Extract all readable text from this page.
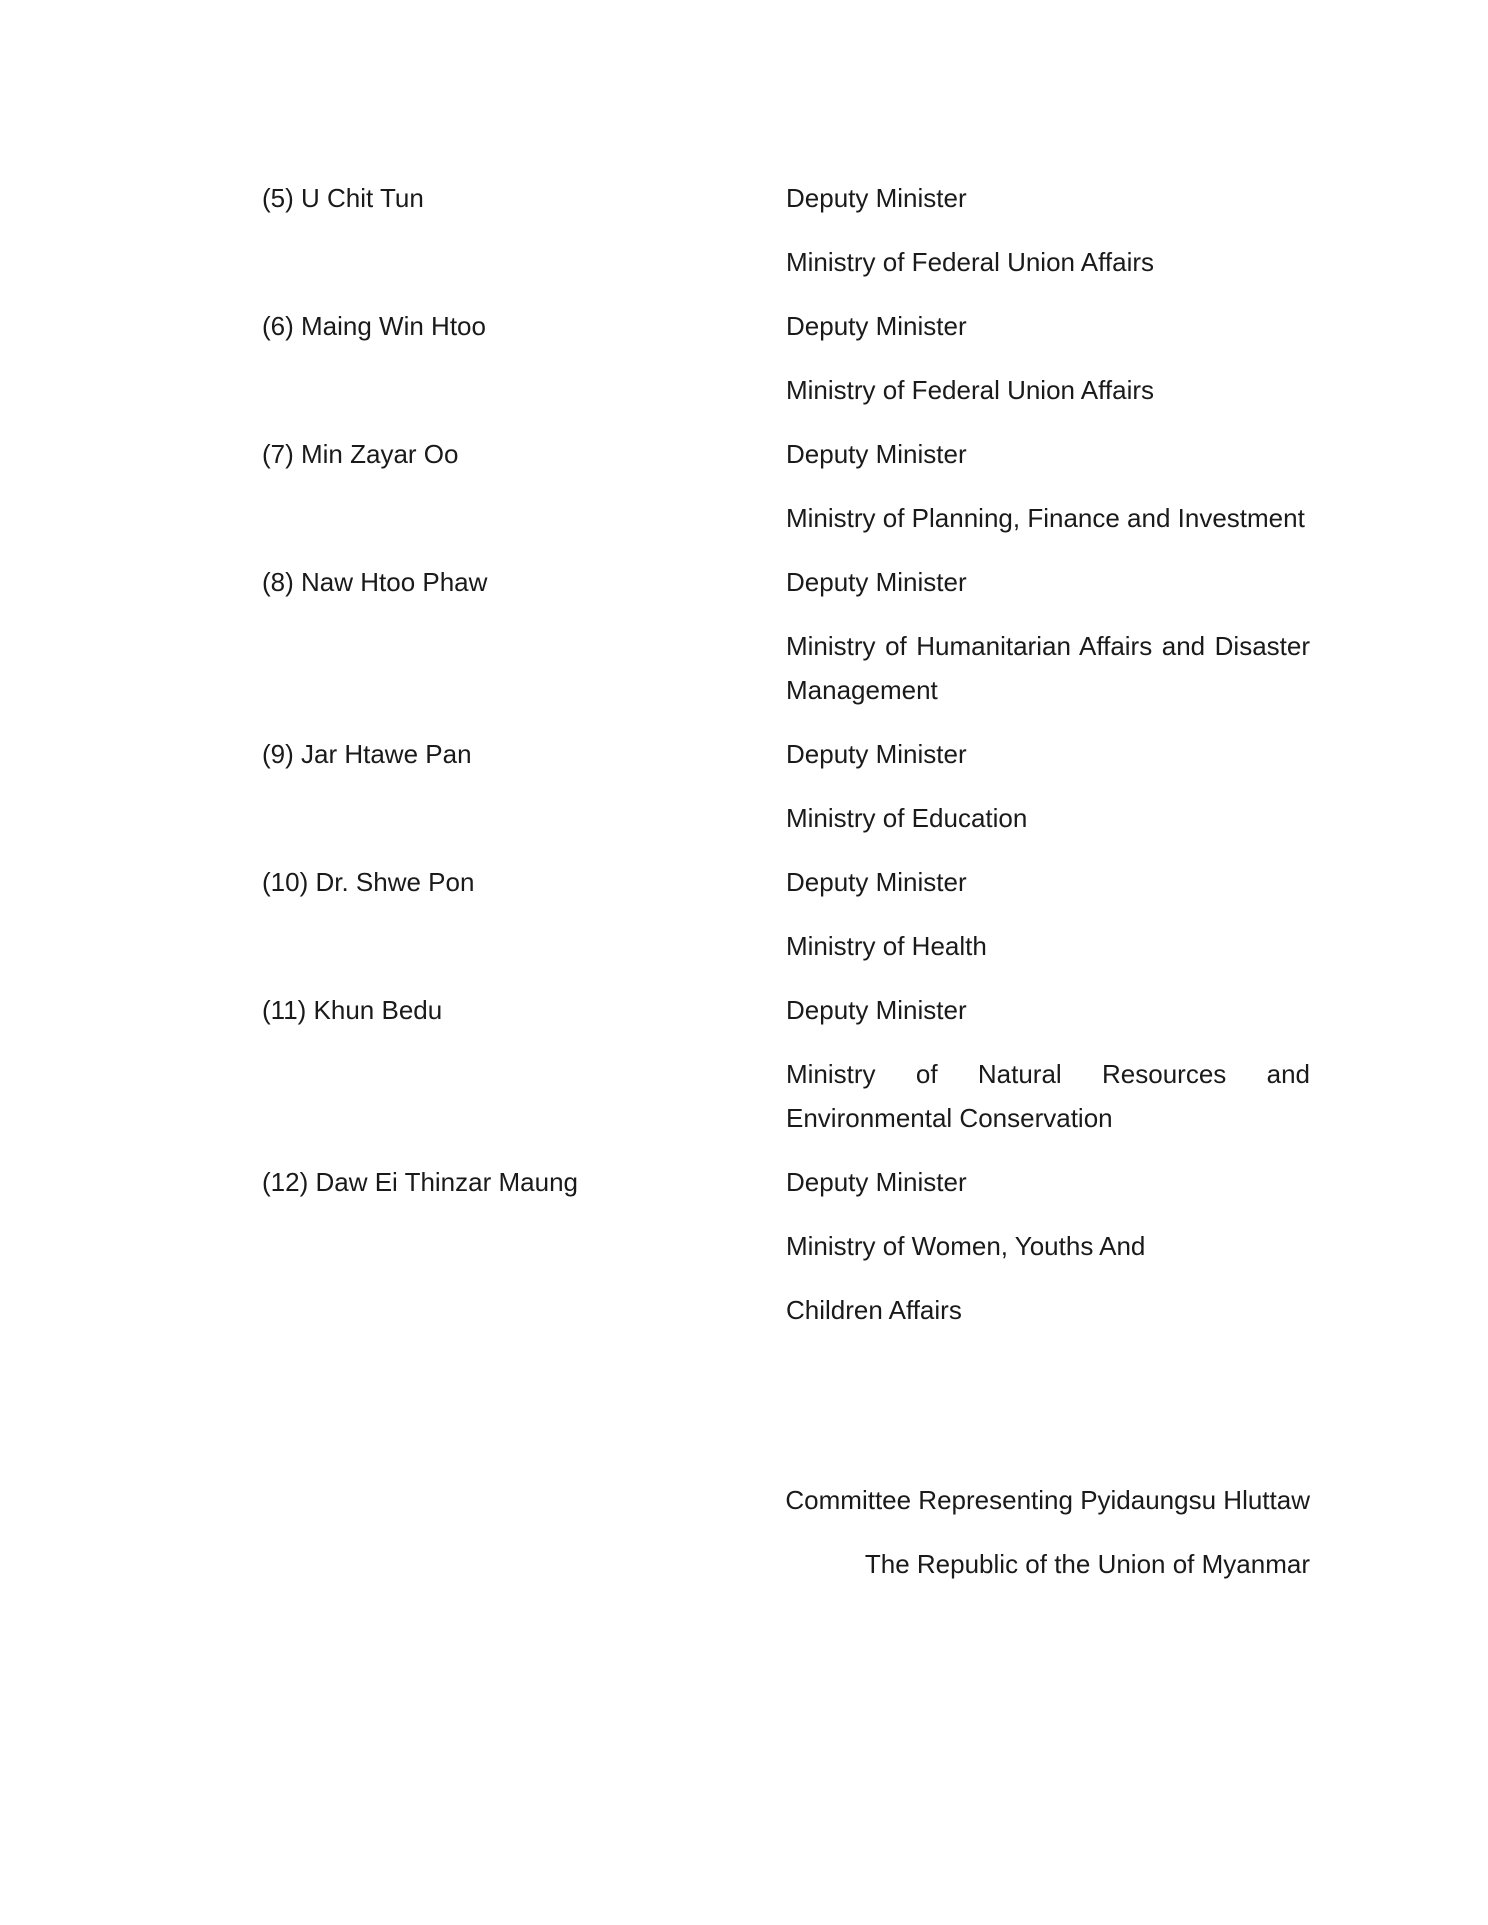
(5) U Chit Tun	Deputy Minister
Ministry of Federal Union Affairs
(6) Maing Win Htoo	Deputy Minister
Ministry of Federal Union Affairs
(7) Min Zayar Oo	Deputy Minister
Ministry of Planning, Finance and Investment
(8) Naw Htoo Phaw	Deputy Minister
Ministry of Humanitarian Affairs and Disaster Management
(9) Jar Htawe Pan	Deputy Minister
Ministry of Education
(10) Dr. Shwe Pon	Deputy Minister
Ministry of Health
(11) Khun Bedu	Deputy Minister
Ministry of Natural Resources and Environmental Conservation
(12) Daw Ei Thinzar Maung	Deputy Minister
Ministry of Women, Youths And
Children Affairs
Committee Representing Pyidaungsu Hluttaw
The Republic of the Union of Myanmar
